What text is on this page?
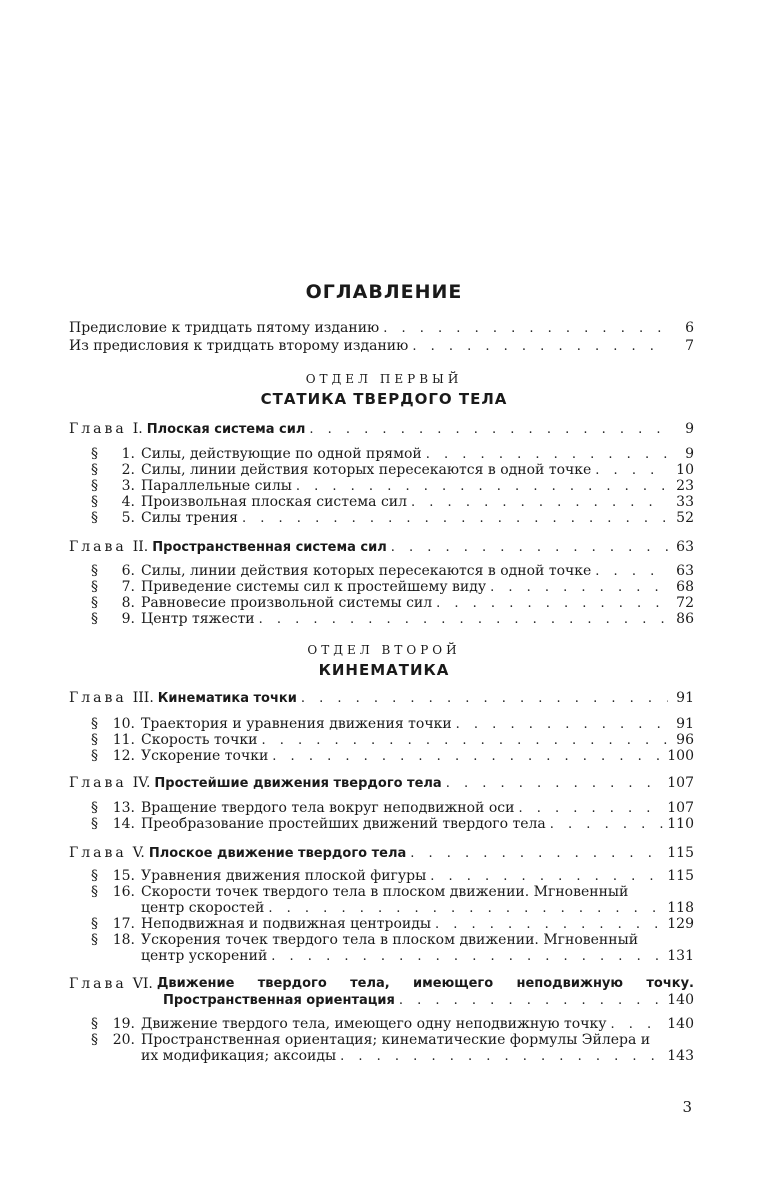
ОГЛАВЛЕНИЕ
Предисловие к тридцать пятому изданию . . .	6
Из предисловия к тридцать второму изданию . . .	7
ОТДЕЛ ПЕРВЫЙ
СТАТИКА ТВЕРДОГО ТЕЛА
Глава I. Плоская система сил . . .	9
§ 1. Силы, действующие по одной прямой . . .	9
§ 2. Силы, линии действия которых пересекаются в одной точке . . .	10
§ 3. Параллельные силы . . .	23
§ 4. Произвольная плоская система сил . . .	33
§ 5. Силы трения . . .	52
Глава II. Пространственная система сил . . .	63
§ 6. Силы, линии действия которых пересекаются в одной точке . . .	63
§ 7. Приведение системы сил к простейшему виду . . .	68
§ 8. Равновесие произвольной системы сил . . .	72
§ 9. Центр тяжести . . .	86
ОТДЕЛ ВТОРОЙ
КИНЕМАТИКА
Глава III. Кинематика точки . . .	91
§ 10. Траектория и уравнения движения точки . . .	91
§ 11. Скорость точки . . .	96
§ 12. Ускорение точки . . .	100
Глава IV. Простейшие движения твердого тела . . .	107
§ 13. Вращение твердого тела вокруг неподвижной оси . . .	107
§ 14. Преобразование простейших движений твердого тела . . .	110
Глава V. Плоское движение твердого тела . . .	115
§ 15. Уравнения движения плоской фигуры . . .	115
§ 16. Скорости точек твердого тела в плоском движении. Мгновенный
центр скоростей . . .	118
§ 17. Неподвижная и подвижная центроиды . . .	129
§ 18. Ускорения точек твердого тела в плоском движении. Мгновенный
центр ускорений . . .	131
Глава VI. Движение твердого тела, имеющего неподвижную точку.
Пространственная ориентация . . .	140
§ 19. Движение твердого тела, имеющего одну неподвижную точку . . .	140
§ 20. Пространственная ориентация; кинематические формулы Эйлера и
их модификация; аксоиды . . .	143
3
